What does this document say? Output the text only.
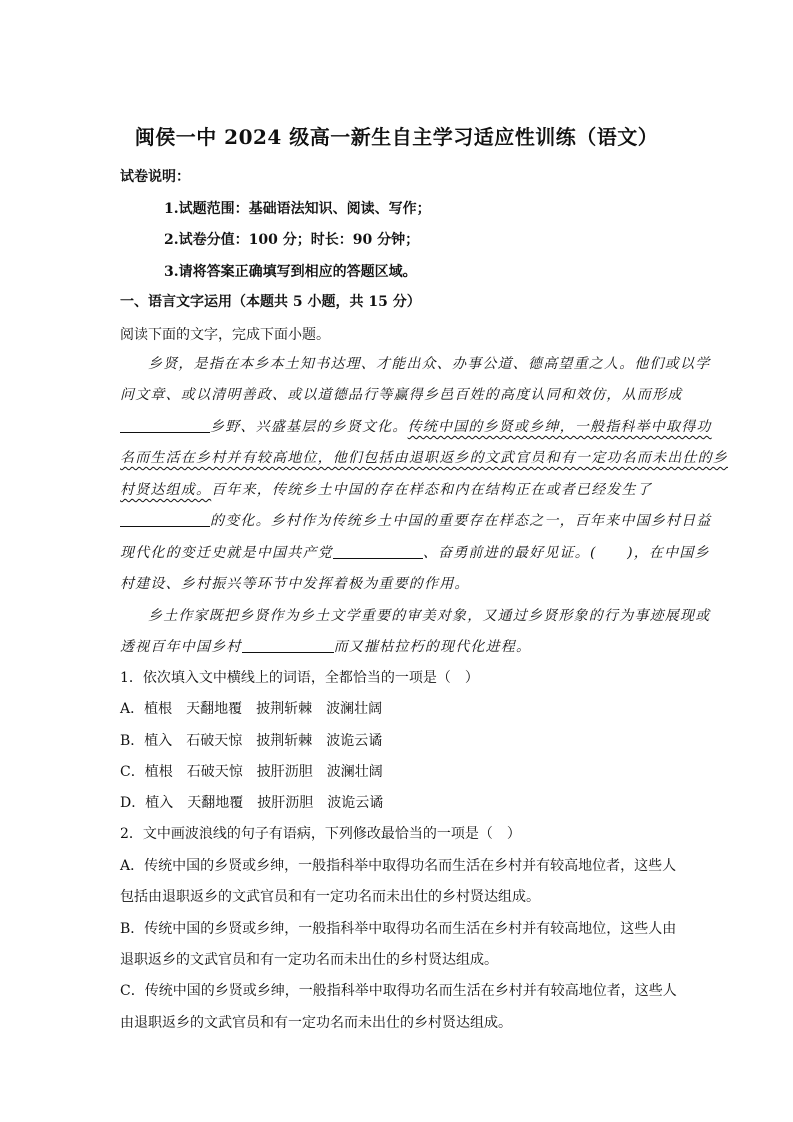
闽侯一中 2024 级高一新生自主学习适应性训练（语文）
试卷说明：
1.试题范围：基础语法知识、阅读、写作；
2.试卷分值：100 分；时长：90 分钟；
3.请将答案正确填写到相应的答题区域。
一、语言文字运用（本题共 5 小题，共 15 分）
阅读下面的文字，完成下面小题。
乡贤，是指在本乡本土知书达理、才能出众、办事公道、德高望重之人。他们或以学
问文章、或以清明善政、或以道德品行等赢得乡邑百姓的高度认同和效仿，从而形成
乡野、兴盛基层的乡贤文化。传统中国的乡贤或乡绅，一般指科举中取得功
名而生活在乡村并有较高地位，他们包括由退职返乡的文武官员和有一定功名而未出仕的乡
村贤达组成。百年来，传统乡土中国的存在样态和内在结构正在或者已经发生了
的变化。乡村作为传统乡土中国的重要存在样态之一，百年来中国乡村日益
现代化的变迁史就是中国共产党	、奋勇前进的最好见证。(　　)，在中国乡
村建设、乡村振兴等环节中发挥着极为重要的作用。
乡土作家既把乡贤作为乡土文学重要的审美对象，又通过乡贤形象的行为事迹展现或
透视百年中国乡村	而又摧枯拉朽的现代化进程。
1．依次填入文中横线上的词语，全都恰当的一项是（　）
A．植根　天翻地覆　披荆斩棘　波澜壮阔
B．植入　石破天惊　披荆斩棘　波诡云谲
C．植根　石破天惊　披肝沥胆　波澜壮阔
D．植入　天翻地覆　披肝沥胆　波诡云谲
2．文中画波浪线的句子有语病，下列修改最恰当的一项是（　）
A．传统中国的乡贤或乡绅，一般指科举中取得功名而生活在乡村并有较高地位者，这些人
包括由退职返乡的文武官员和有一定功名而未出仕的乡村贤达组成。
B．传统中国的乡贤或乡绅，一般指科举中取得功名而生活在乡村并有较高地位，这些人由
退职返乡的文武官员和有一定功名而未出仕的乡村贤达组成。
C．传统中国的乡贤或乡绅，一般指科举中取得功名而生活在乡村并有较高地位者，这些人
由退职返乡的文武官员和有一定功名而未出仕的乡村贤达组成。
